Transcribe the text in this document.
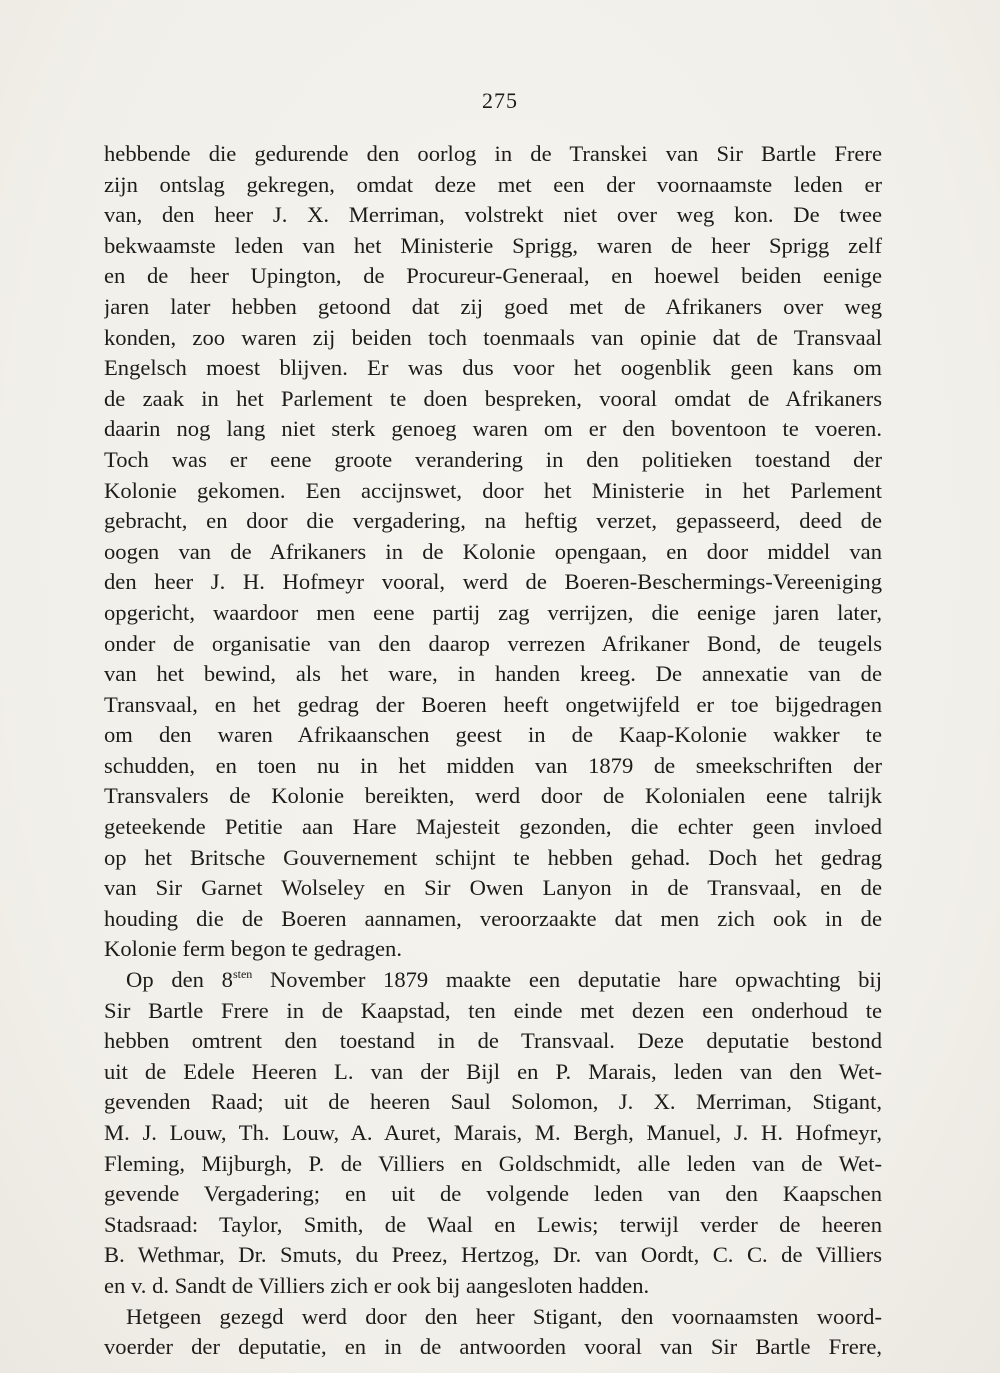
275
hebbende die gedurende den oorlog in de Transkei van Sir Bartle Frere
zijn ontslag gekregen, omdat deze met een der voornaamste leden er
van, den heer J. X. Merriman, volstrekt niet over weg kon. De twee
bekwaamste leden van het Ministerie Sprigg, waren de heer Sprigg zelf
en de heer Upington, de Procureur-Generaal, en hoewel beiden eenige
jaren later hebben getoond dat zij goed met de Afrikaners over weg
konden, zoo waren zij beiden toch toenmaals van opinie dat de Transvaal
Engelsch moest blijven. Er was dus voor het oogenblik geen kans om
de zaak in het Parlement te doen bespreken, vooral omdat de Afrikaners
daarin nog lang niet sterk genoeg waren om er den boventoon te voeren.
Toch was er eene groote verandering in den politieken toestand der
Kolonie gekomen. Een accijnswet, door het Ministerie in het Parlement
gebracht, en door die vergadering, na heftig verzet, gepasseerd, deed de
oogen van de Afrikaners in de Kolonie opengaan, en door middel van
den heer J. H. Hofmeyr vooral, werd de Boeren-Beschermings-Vereeniging
opgericht, waardoor men eene partij zag verrijzen, die eenige jaren later,
onder de organisatie van den daarop verrezen Afrikaner Bond, de teugels
van het bewind, als het ware, in handen kreeg. De annexatie van de
Transvaal, en het gedrag der Boeren heeft ongetwijfeld er toe bijgedragen
om den waren Afrikaanschen geest in de Kaap-Kolonie wakker te
schudden, en toen nu in het midden van 1879 de smeekschriften der
Transvalers de Kolonie bereikten, werd door de Kolonialen eene talrijk
geteekende Petitie aan Hare Majesteit gezonden, die echter geen invloed
op het Britsche Gouvernement schijnt te hebben gehad. Doch het gedrag
van Sir Garnet Wolseley en Sir Owen Lanyon in de Transvaal, en de
houding die de Boeren aannamen, veroorzaakte dat men zich ook in de
Kolonie ferm begon te gedragen.
Op den $8^{sten}$ November 1879 maakte een deputatie hare opwachting bij
Sir Bartle Frere in de Kaapstad, ten einde met dezen een onderhoud te
hebben omtrent den toestand in de Transvaal. Deze deputatie bestond
uit de Edele Heeren L. van der Bijl en P. Marais, leden van den Wet-
gevenden Raad; uit de heeren Saul Solomon, J. X. Merriman, Stigant,
M. J. Louw, Th. Louw, A. Auret, Marais, M. Bergh, Manuel, J. H. Hofmeyr,
Fleming, Mijburgh, P. de Villiers en Goldschmidt, alle leden van de Wet-
gevende Vergadering; en uit de volgende leden van den Kaapschen
Stadsraad: Taylor, Smith, de Waal en Lewis; terwijl verder de heeren
B. Wethmar, Dr. Smuts, du Preez, Hertzog, Dr. van Oordt, C. C. de Villiers
en v. d. Sandt de Villiers zich er ook bij aangesloten hadden.
Hetgeen gezegd werd door den heer Stigant, den voornaamsten woord-
voerder der deputatie, en in de antwoorden vooral van Sir Bartle Frere,
